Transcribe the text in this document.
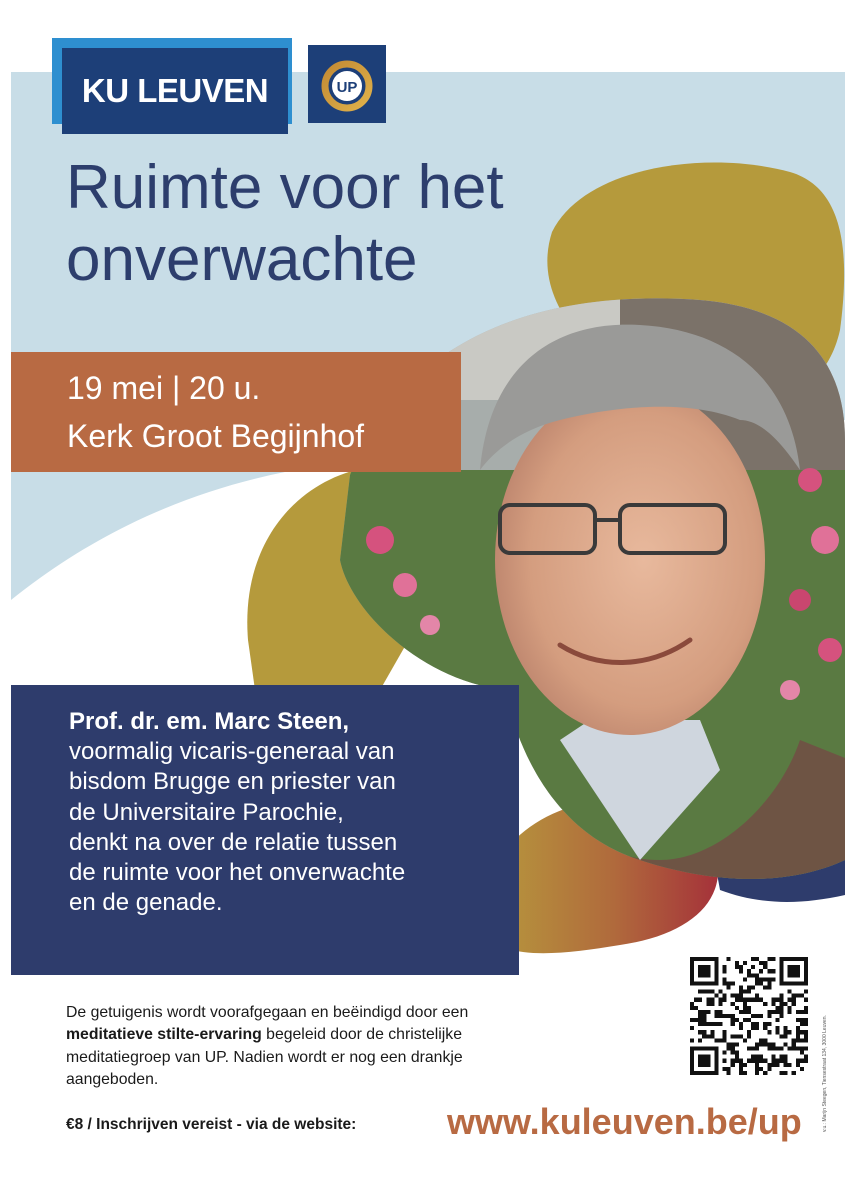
KU LEUVEN	UP
Ruimte voor het
onverwachte
19 mei | 20 u.
Kerk Groot Begijnhof
Prof. dr. em. Marc Steen,
voormalig vicaris-generaal van
bisdom Brugge en priester van
de Universitaire Parochie,
denkt na over de relatie tussen
de ruimte voor het onverwachte
en de genade.

De getuigenis wordt voorafgegaan en beëindigd door een meditatieve stilte-ervaring begeleid door de christelijke meditatiegroep van UP. Nadien wordt er nog een drankje aangeboden.	v.u.: Marijn Steegen, Tiensestraat 134, 3000 Leuven.
€8 / Inschrijven vereist - via de website:	www.kuleuven.be/up
